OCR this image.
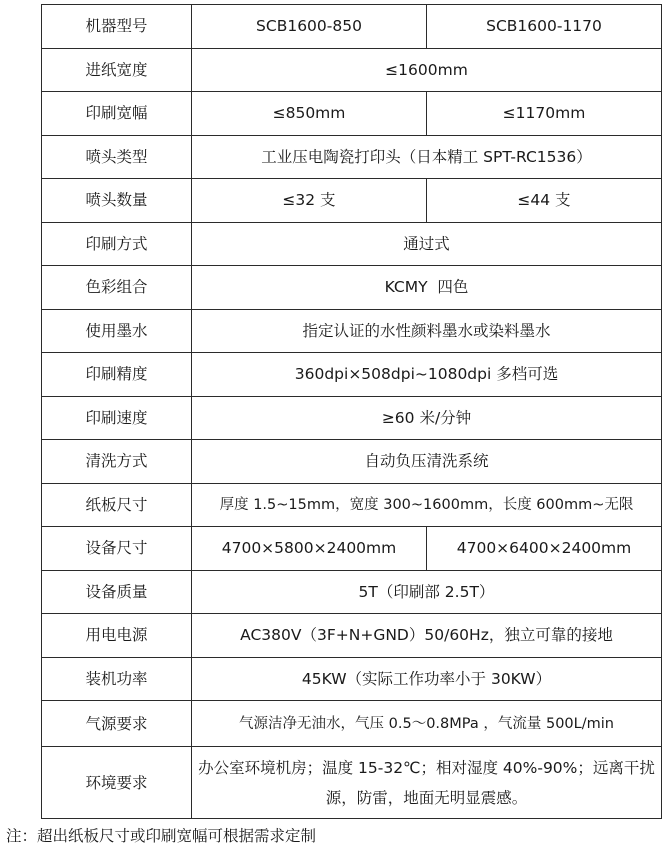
机器型号	SCB1600-850	SCB1600-1170
进纸宽度	≤1600mm	
印刷宽幅	≤850mm	≤1170mm
喷头类型	工业压电陶瓷打印头（日本精工 SPT-RC1536）	
喷头数量	≤32 支	≤44 支
印刷方式	通过式	
色彩组合	KCMY  四色	
使用墨水	指定认证的水性颜料墨水或染料墨水	
印刷精度	360dpi×508dpi~1080dpi 多档可选	
印刷速度	≥60 米/分钟	
清洗方式	自动负压清洗系统	
纸板尺寸	厚度 1.5~15mm，宽度 300~1600mm，长度 600mm~无限	
设备尺寸	4700×5800×2400mm	4700×6400×2400mm
设备质量	5T（印刷部 2.5T）	
用电电源	AC380V（3F+N+GND）50/60Hz，独立可靠的接地	
装机功率	45KW（实际工作功率小于 30KW）	
气源要求	气源洁净无油水，气压 0.5～0.8MPa ，气流量 500L/min	
环境要求	办公室环境机房；温度 15-32℃；相对湿度 40%-90%；远离干扰源，防雷，地面无明显震感。	
注：超出纸板尺寸或印刷宽幅可根据需求定制
